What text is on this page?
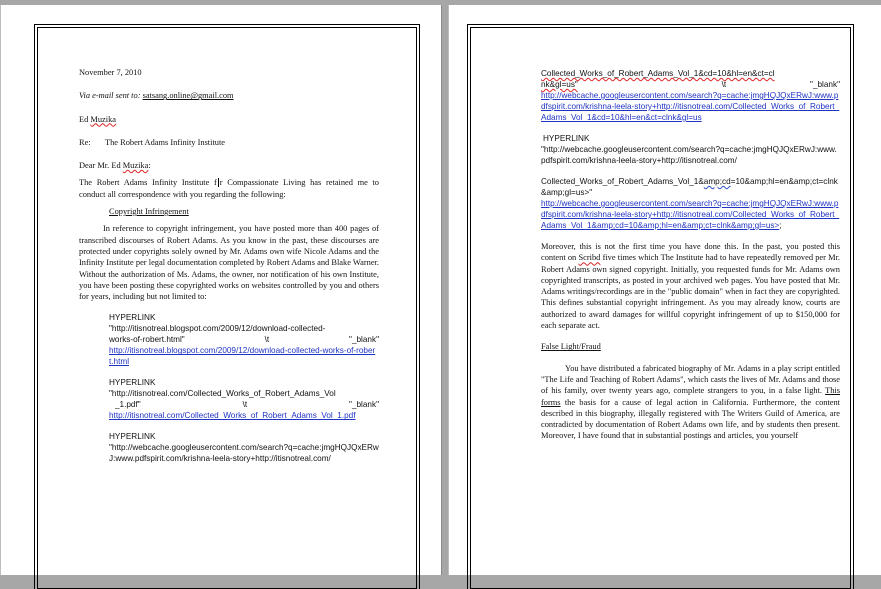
November 7, 2010

Via e-mail sent to: satsang.online@gmail.com

Ed Muzika

Re: The Robert Adams Infinity Institute

Dear Mr. Ed Muzika:

The Robert Adams Infinity Institute f r Compassionate Living has retained me to conduct all correspondence with you regarding the following:

Copyright Infringement

In reference to copyright infringement, you have posted more than 400 pages of transcribed discourses of Robert Adams. As you know in the past, these discourses are protected under copyrights solely owned by Mr. Adams own wife Nicole Adams and the Infinity Institute per legal documentation completed by Robert Adams and Blake Warner. Without the authorization of Ms. Adams, the owner, nor notification of his own Institute, you have been posting these copyrighted works on websites controlled by you and others for years, including but not limited to:

HYPERLINK

"http://itisnotreal.blogspot.com/2009/12/download-collected-

works-of-robert.html"	\t	"_blank"

http://itisnotreal.blogspot.com/2009/12/download-collected-works-of-robert.html

HYPERLINK

"http://itisnotreal.com/Collected_Works_of_Robert_Adams_Vol

_1.pdf"	\t	"_blank"

http://itisnotreal.com/Collected_Works_of_Robert_Adams_Vol_1.pdf

HYPERLINK

"http://webcache.googleusercontent.com/search?q=cache:jmgHQJQxERwJ:www.pdfspirit.com/krishna-leela-story+http://itisnotreal.com/

Collected_Works_of_Robert_Adams_Vol_1&cd=10&hl=en&ct=cl

nk&gl=us"	\t	"_blank"

http://webcache.googleusercontent.com/search?q=cache:jmgHQJQxERwJ:www.pdfspirit.com/krishna-leela-story+http://itisnotreal.com/Collected_Works_of_Robert_Adams_Vol_1&cd=10&hl=en&ct=clnk&gl=us

HYPERLINK

"http://webcache.googleusercontent.com/search?q=cache:jmgHQJQxERwJ:www.pdfspirit.com/krishna-leela-story+http://itisnotreal.com/

Collected_Works_of_Robert_Adams_Vol_1&amp;cd=10&amp;hl=en&amp;ct=clnk&amp;gl=us>"

http://webcache.googleusercontent.com/search?q=cache:jmgHQJQxERwJ:www.pdfspirit.com/krishna-leela-story+http://itisnotreal.com/Collected_Works_of_Robert_Adams_Vol_1&amp;cd=10&amp;hl=en&amp;ct=clnk&amp;gl=us>;

Moreover, this is not the first time you have done this. In the past, you posted this content on Scribd five times which The Institute had to have repeatedly removed per Mr. Robert Adams own signed copyright. Initially, you requested funds for Mr. Adams own copyrighted transcripts, as posted in your archived web pages. You have posted that Mr. Adams writings/recordings are in the "public domain" when in fact they are copyrighted. This defines substantial copyright infringement. As you may already know, courts are authorized to award damages for willful copyright infringement of up to $150,000 for each separate act.

False Light/Fraud

You have distributed a fabricated biography of Mr. Adams in a play script entitled "The Life and Teaching of Robert Adams", which casts the lives of Mr. Adams and those of his family, over twenty years ago, complete strangers to you, in a false light. This forms the basis for a cause of legal action in California. Furthermore, the content described in this biography, illegally registered with The Writers Guild of America, are contradicted by documentation of Robert Adams own life, and by students then present. Moreover, I have found that in substantial postings and articles, you yourself
